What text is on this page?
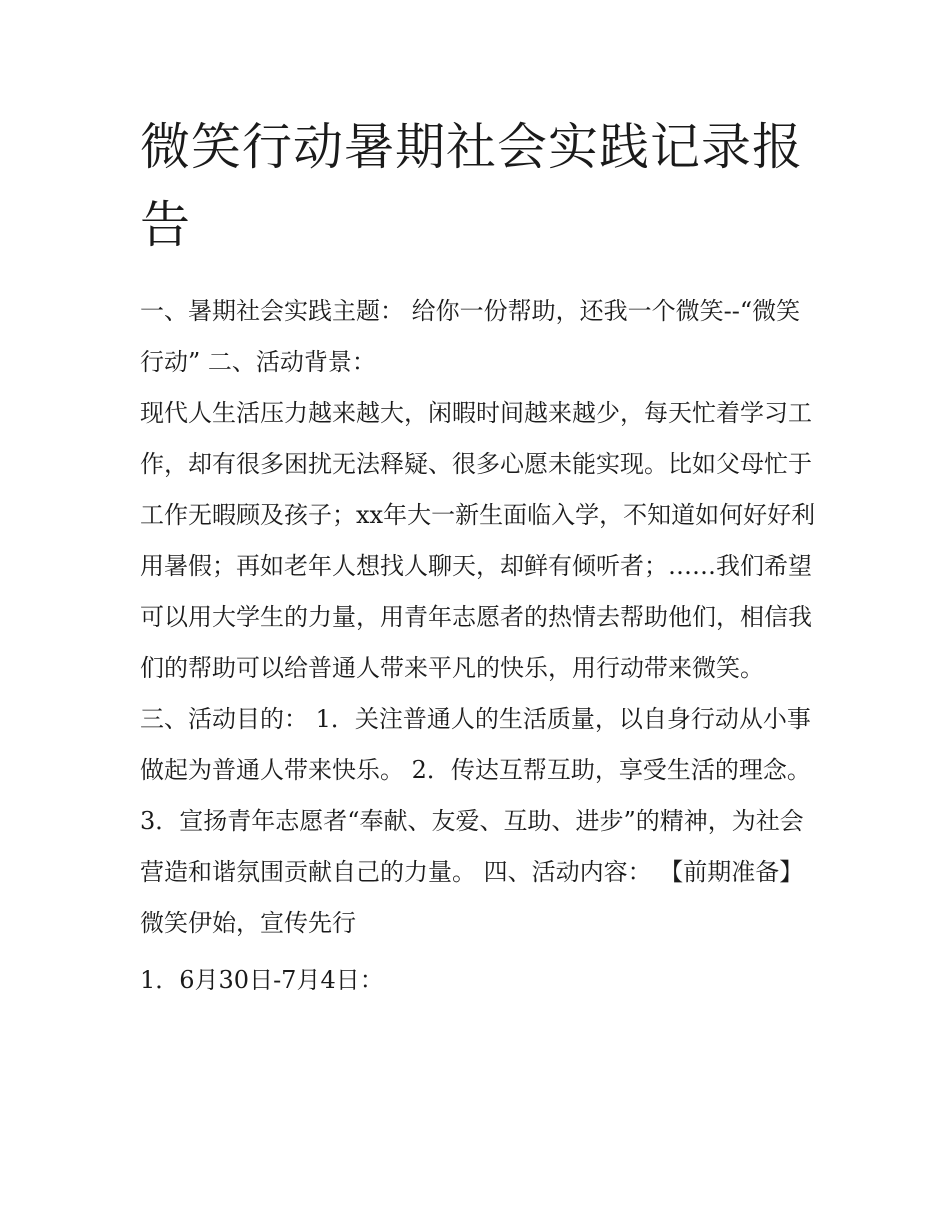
微笑行动暑期社会实践记录报告

一、暑期社会实践主题： 给你一份帮助，还我一个微笑--“微笑行动” 二、活动背景：

现代人生活压力越来越大，闲暇时间越来越少，每天忙着学习工作，却有很多困扰无法释疑、很多心愿未能实现。比如父母忙于工作无暇顾及孩子；xx年大一新生面临入学，不知道如何好好利用暑假；再如老年人想找人聊天，却鲜有倾听者；……我们希望可以用大学生的力量，用青年志愿者的热情去帮助他们，相信我们的帮助可以给普通人带来平凡的快乐，用行动带来微笑。

三、活动目的： 1．关注普通人的生活质量，以自身行动从小事做起为普通人带来快乐。 2．传达互帮互助，享受生活的理念。

3．宣扬青年志愿者“奉献、友爱、互助、进步”的精神，为社会营造和谐氛围贡献自己的力量。 四、活动内容： 【前期准备】 微笑伊始，宣传先行

1．6月30日-7月4日：
